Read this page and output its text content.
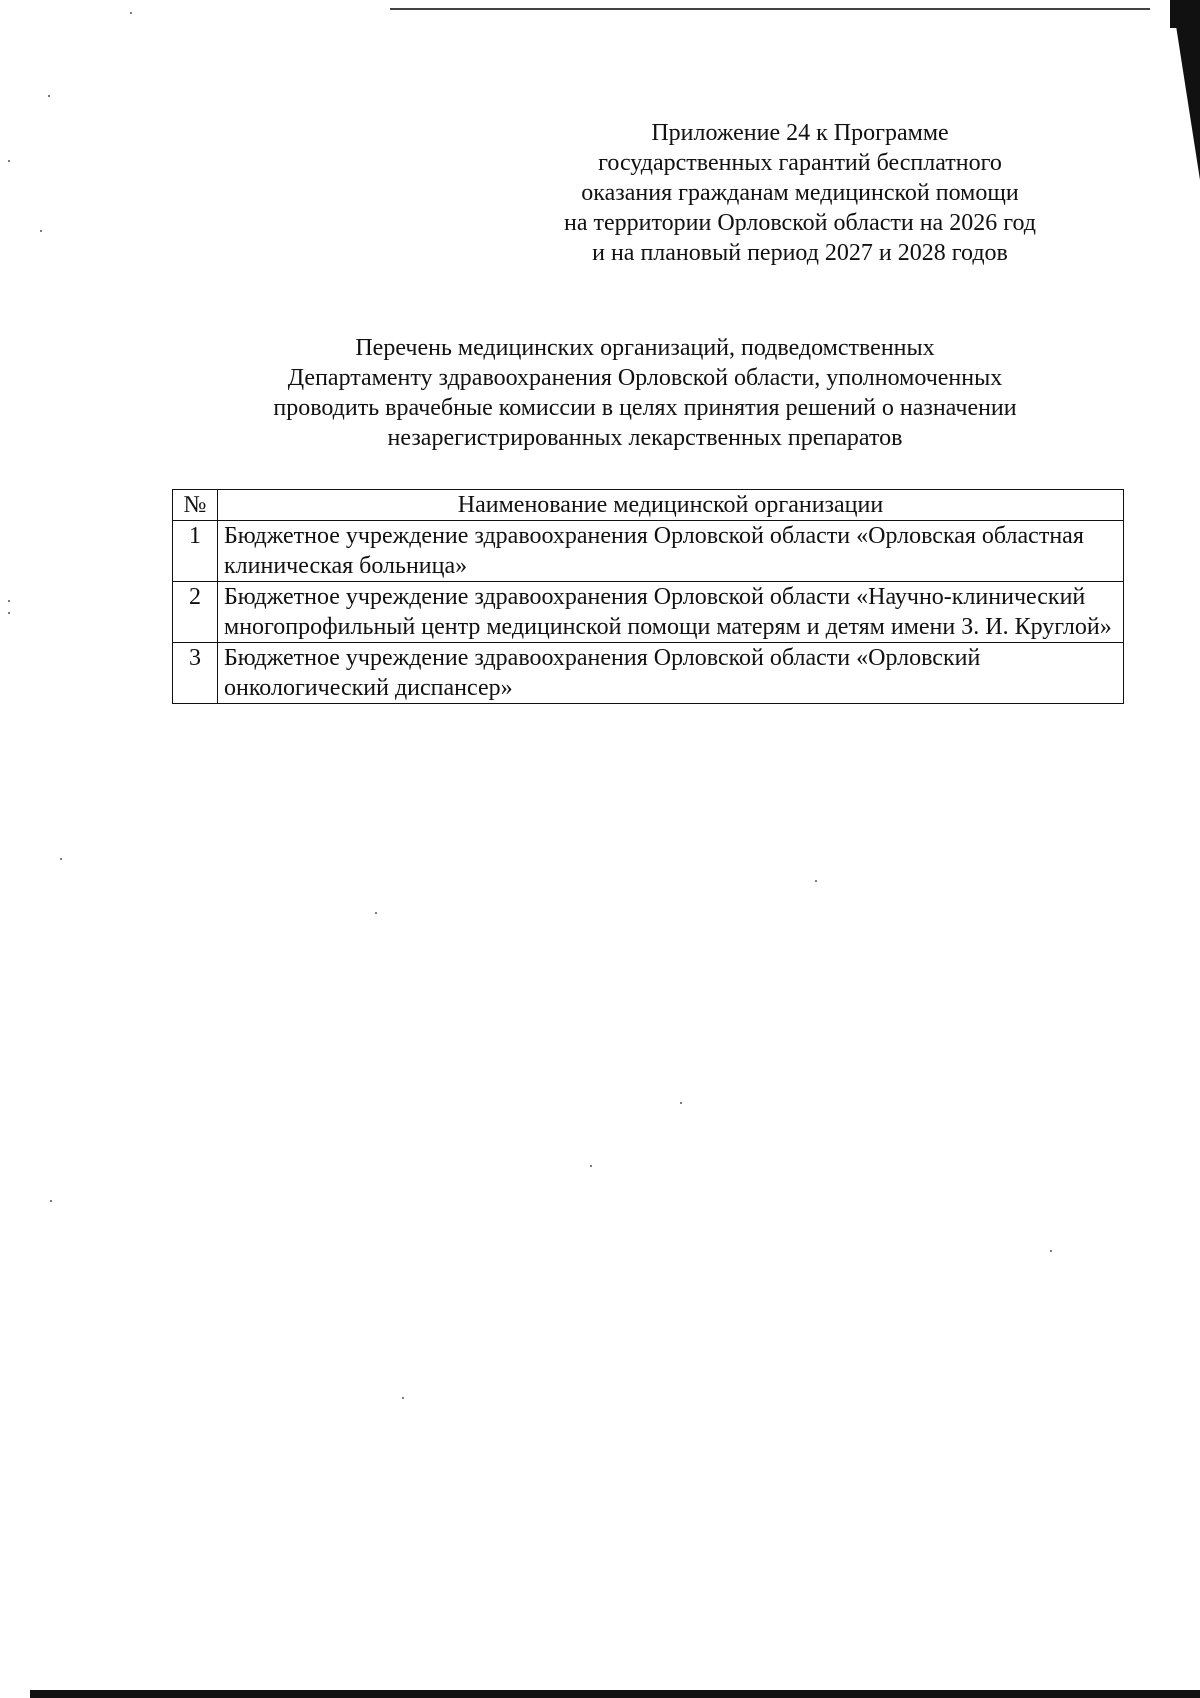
Приложение 24 к Программе
государственных гарантий бесплатного
оказания гражданам медицинской помощи
на территории Орловской области на 2026 год
и на плановый период 2027 и 2028 годов
Перечень медицинских организаций, подведомственных
Департаменту здравоохранения Орловской области, уполномоченных
проводить врачебные комиссии в целях принятия решений о назначении
незарегистрированных лекарственных препаратов
№	Наименование медицинской организации
1	Бюджетное учреждение здравоохранения Орловской области «Орловская областная клиническая больница»
2	Бюджетное учреждение здравоохранения Орловской области «Научно-клинический многопрофильный центр медицинской помощи матерям и детям имени З. И. Круглой»
3	Бюджетное учреждение здравоохранения Орловской области «Орловский онкологический диспансер»
